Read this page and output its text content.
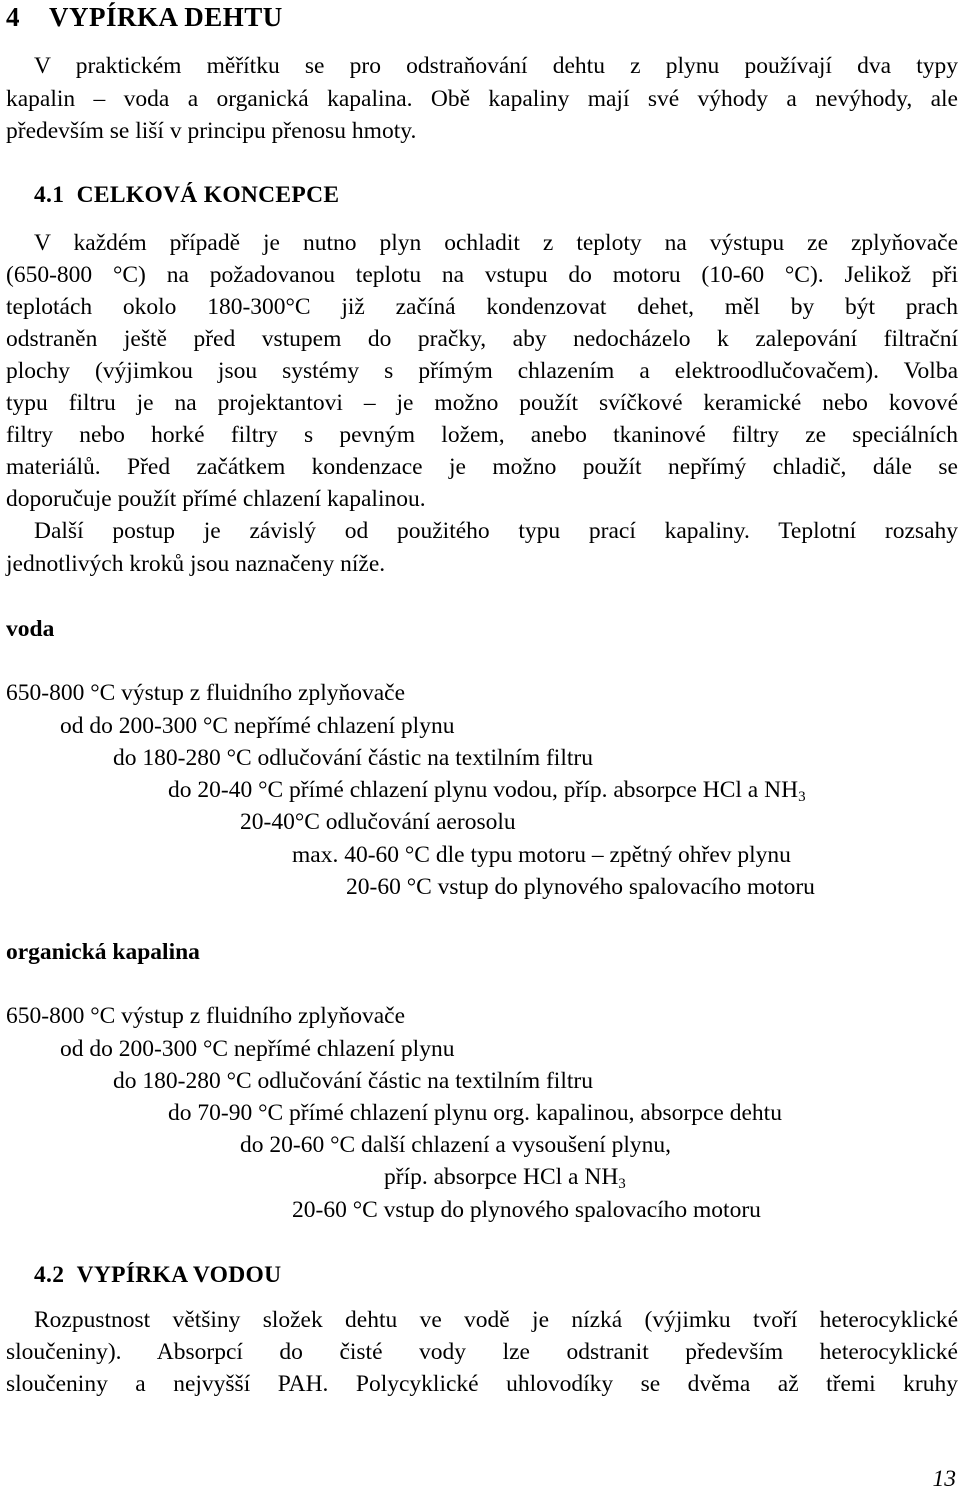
4 VYPÍRKA DEHTU
V praktickém měřítku se pro odstraňování dehtu z plynu používají dva typy
kapalin – voda a organická kapalina. Obě kapaliny mají své výhody a nevýhody, ale
především se liší v principu přenosu hmoty.
4.1 CELKOVÁ KONCEPCE
V každém případě je nutno plyn ochladit z teploty na výstupu ze zplyňovače
(650-800 °C) na požadovanou teplotu na vstupu do motoru (10-60 °C). Jelikož při
teplotách okolo 180-300°C již začíná kondenzovat dehet, měl by být prach
odstraněn ještě před vstupem do pračky, aby nedocházelo k zalepování filtrační
plochy (výjimkou jsou systémy s přímým chlazením a elektroodlučovačem). Volba
typu filtru je na projektantovi – je možno použít svíčkové keramické nebo kovové
filtry nebo horké filtry s pevným ložem, anebo tkaninové filtry ze speciálních
materiálů. Před začátkem kondenzace je možno použít nepřímý chladič, dále se
doporučuje použít přímé chlazení kapalinou.
Další postup je závislý od použitého typu prací kapaliny. Teplotní rozsahy
jednotlivých kroků jsou naznačeny níže.
voda
650-800 °C výstup z fluidního zplyňovače
od do 200-300 °C nepřímé chlazení plynu
do 180-280 °C odlučování částic na textilním filtru
do 20-40 °C přímé chlazení plynu vodou, příp. absorpce HCl a $NH_3$
20-40°C odlučování aerosolu
max. 40-60 °C dle typu motoru – zpětný ohřev plynu
20-60 °C vstup do plynového spalovacího motoru
organická kapalina
650-800 °C výstup z fluidního zplyňovače
od do 200-300 °C nepřímé chlazení plynu
do 180-280 °C odlučování částic na textilním filtru
do 70-90 °C přímé chlazení plynu org. kapalinou, absorpce dehtu
do 20-60 °C další chlazení a vysoušení plynu,
příp. absorpce HCl a $NH_3$
20-60 °C vstup do plynového spalovacího motoru
4.2 VYPÍRKA VODOU
Rozpustnost většiny složek dehtu ve vodě je nízká (výjimku tvoří heterocyklické
sloučeniny). Absorpcí do čisté vody lze odstranit především heterocyklické
sloučeniny a nejvyšší PAH. Polycyklické uhlovodíky se dvěma až třemi kruhy
13
